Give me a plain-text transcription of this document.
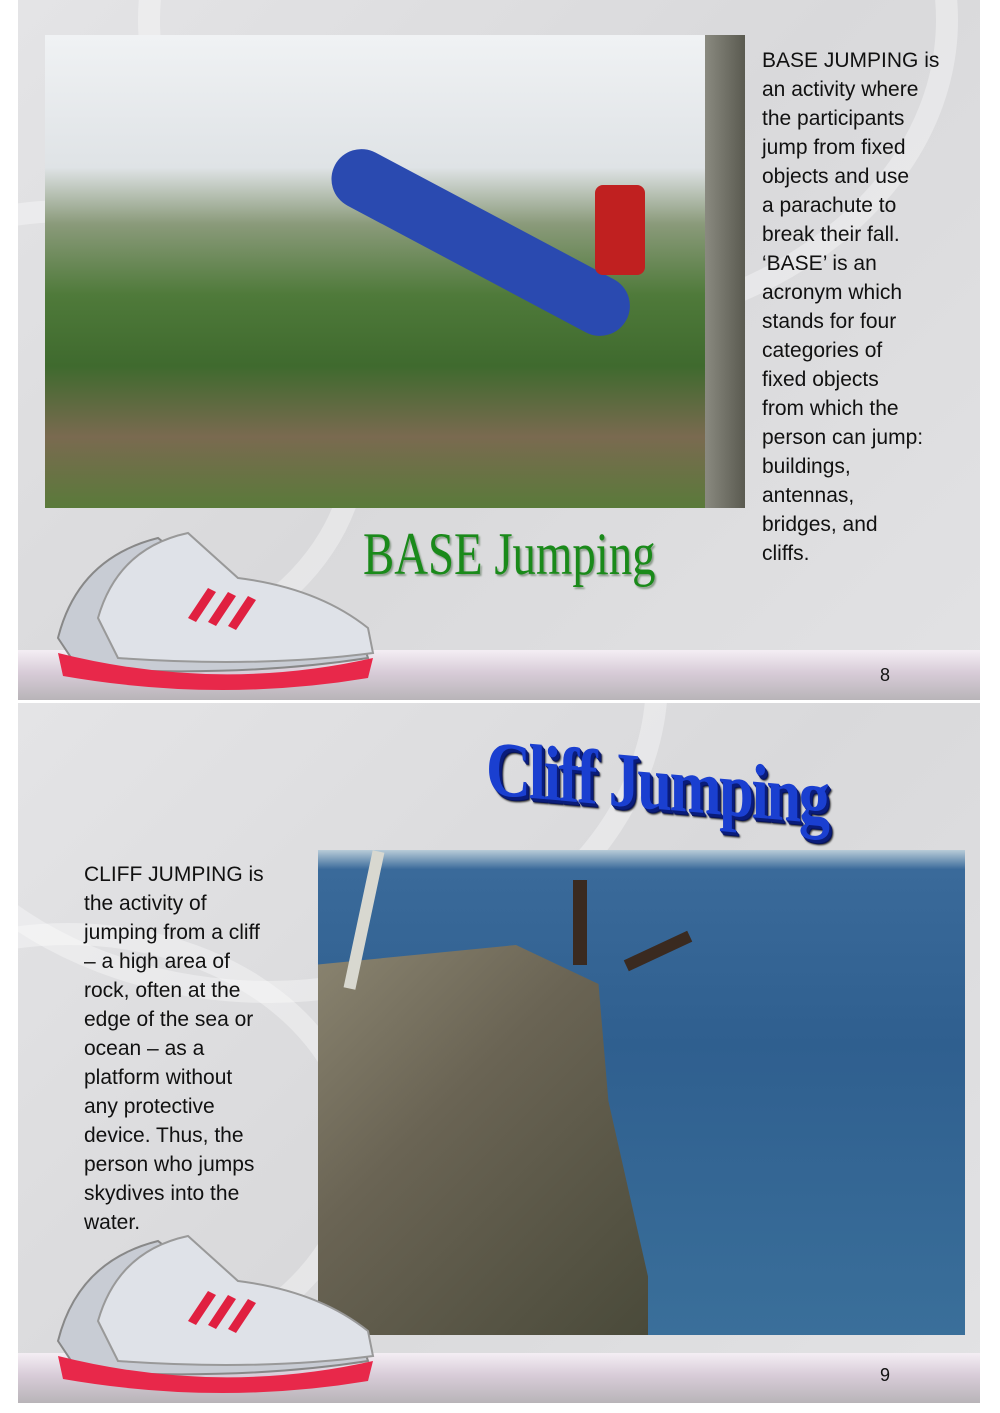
BASE Jumping
BASE JUMPING is
an activity where
the participants
jump from fixed
objects and use
a parachute to
break their fall.
‘BASE’ is an
acronym which
stands for four
categories of
fixed objects
from which the
person can jump:
buildings,
antennas,
bridges, and
cliffs.
8
Cliff Jumping
CLIFF JUMPING is
the activity of
jumping from a cliff
– a high area of
rock, often at the
edge of the sea or
ocean – as a
platform without
any protective
device. Thus, the
person who jumps
skydives into the
water.
9
